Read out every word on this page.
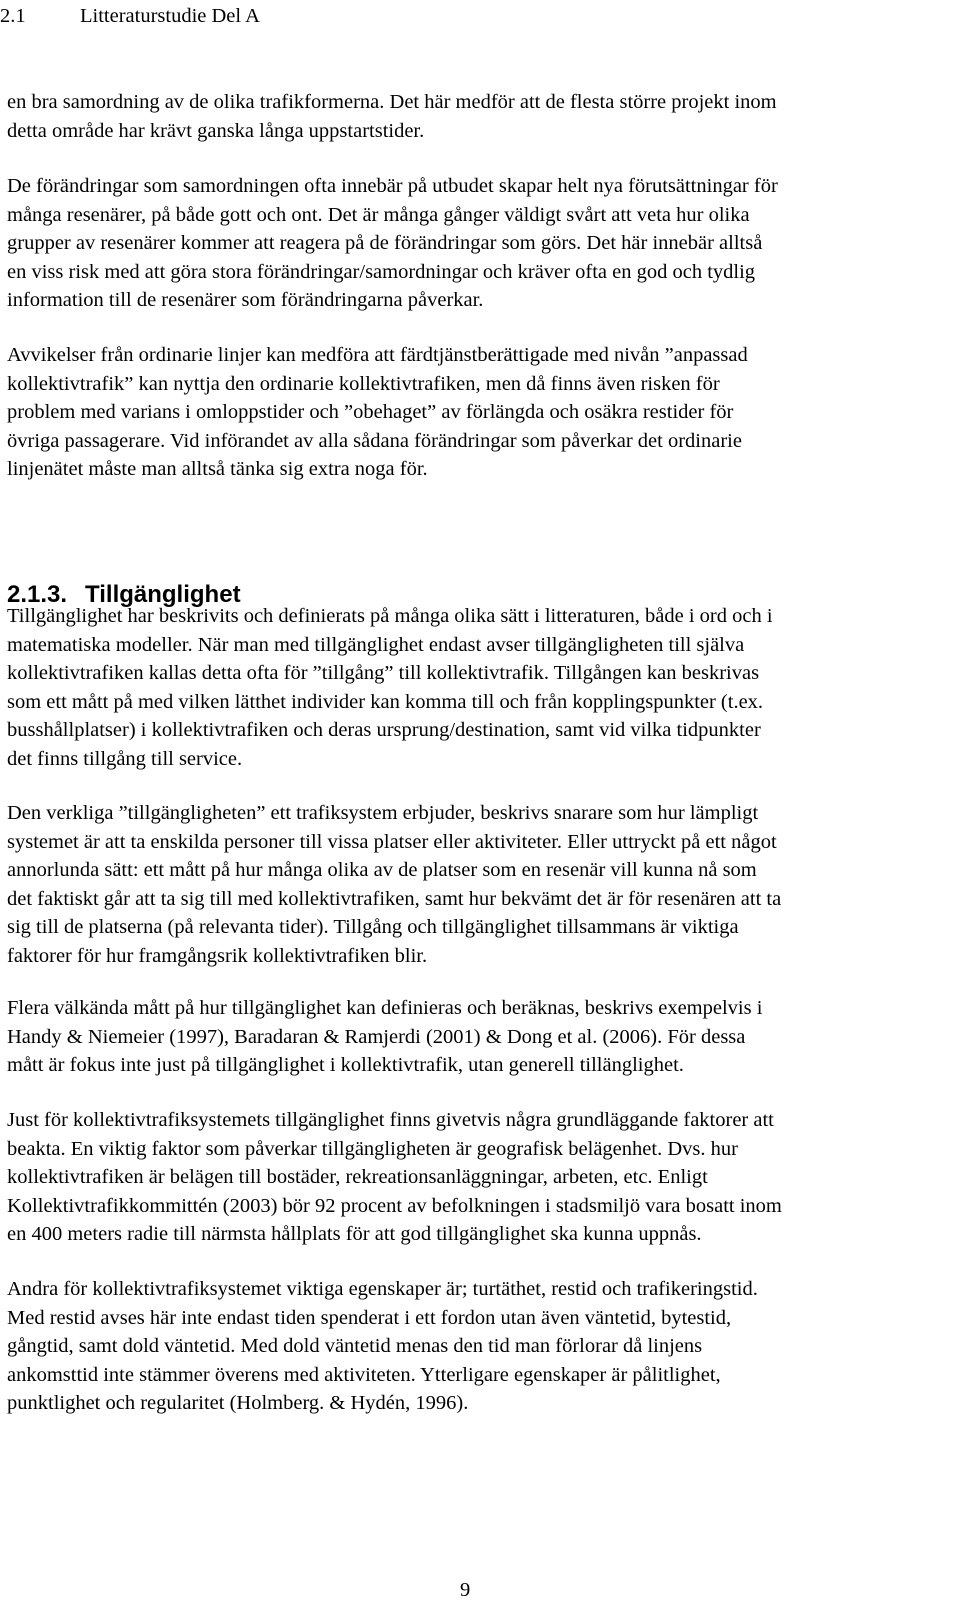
2.1	Litteraturstudie Del A
en bra samordning av de olika trafikformerna. Det här medför att de flesta större projekt inom
detta område har krävt ganska långa uppstartstider.
De förändringar som samordningen ofta innebär på utbudet skapar helt nya förutsättningar för
många resenärer, på både gott och ont. Det är många gånger väldigt svårt att veta hur olika
grupper av resenärer kommer att reagera på de förändringar som görs. Det här innebär alltså
en viss risk med att göra stora förändringar/samordningar och kräver ofta en god och tydlig
information till de resenärer som förändringarna påverkar.
Avvikelser från ordinarie linjer kan medföra att färdtjänstberättigade med nivån ”anpassad
kollektivtrafik” kan nyttja den ordinarie kollektivtrafiken, men då finns även risken för
problem med varians i omloppstider och ”obehaget” av förlängda och osäkra restider för
övriga passagerare. Vid införandet av alla sådana förändringar som påverkar det ordinarie
linjenätet måste man alltså tänka sig extra noga för.
2.1.3. Tillgänglighet
Tillgänglighet har beskrivits och definierats på många olika sätt i litteraturen, både i ord och i
matematiska modeller. När man med tillgänglighet endast avser tillgängligheten till själva
kollektivtrafiken kallas detta ofta för ”tillgång” till kollektivtrafik. Tillgången kan beskrivas
som ett mått på med vilken lätthet individer kan komma till och från kopplingspunkter (t.ex.
busshållplatser) i kollektivtrafiken och deras ursprung/destination, samt vid vilka tidpunkter
det finns tillgång till service.
Den verkliga ”tillgängligheten” ett trafiksystem erbjuder, beskrivs snarare som hur lämpligt
systemet är att ta enskilda personer till vissa platser eller aktiviteter. Eller uttryckt på ett något
annorlunda sätt: ett mått på hur många olika av de platser som en resenär vill kunna nå som
det faktiskt går att ta sig till med kollektivtrafiken, samt hur bekvämt det är för resenären att ta
sig till de platserna (på relevanta tider). Tillgång och tillgänglighet tillsammans är viktiga
faktorer för hur framgångsrik kollektivtrafiken blir.
Flera välkända mått på hur tillgänglighet kan definieras och beräknas, beskrivs exempelvis i
Handy & Niemeier (1997), Baradaran & Ramjerdi (2001) & Dong et al. (2006). För dessa
mått är fokus inte just på tillgänglighet i kollektivtrafik, utan generell tillänglighet.
Just för kollektivtrafiksystemets tillgänglighet finns givetvis några grundläggande faktorer att
beakta. En viktig faktor som påverkar tillgängligheten är geografisk belägenhet. Dvs. hur
kollektivtrafiken är belägen till bostäder, rekreationsanläggningar, arbeten, etc. Enligt
Kollektivtrafikkommittén (2003) bör 92 procent av befolkningen i stadsmiljö vara bosatt inom
en 400 meters radie till närmsta hållplats för att god tillgänglighet ska kunna uppnås.
Andra för kollektivtrafiksystemet viktiga egenskaper är; turtäthet, restid och trafikeringstid.
Med restid avses här inte endast tiden spenderat i ett fordon utan även väntetid, bytestid,
gångtid, samt dold väntetid. Med dold väntetid menas den tid man förlorar då linjens
ankomsttid inte stämmer överens med aktiviteten. Ytterligare egenskaper är pålitlighet,
punktlighet och regularitet (Holmberg. & Hydén, 1996).
9
